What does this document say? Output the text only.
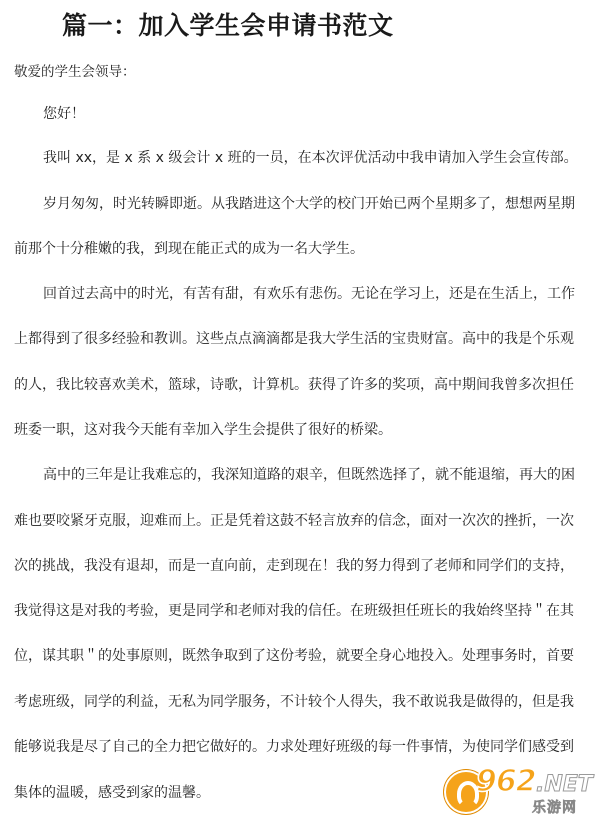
篇一：加入学生会申请书范文
敬爱的学生会领导：
您好！
我叫 xx，是 x 系 x 级会计 x 班的一员，在本次评优活动中我申请加入学生会宣传部。
岁月匆匆，时光转瞬即逝。从我踏进这个大学的校门开始已两个星期多了，想想两星期
前那个十分稚嫩的我，到现在能正式的成为一名大学生。
回首过去高中的时光，有苦有甜，有欢乐有悲伤。无论在学习上，还是在生活上，工作
上都得到了很多经验和教训。这些点点滴滴都是我大学生活的宝贵财富。高中的我是个乐观
的人，我比较喜欢美术，篮球，诗歌，计算机。获得了许多的奖项，高中期间我曾多次担任
班委一职，这对我今天能有幸加入学生会提供了很好的桥梁。
高中的三年是让我难忘的，我深知道路的艰辛，但既然选择了，就不能退缩，再大的困
难也要咬紧牙克服，迎难而上。正是凭着这鼓不轻言放弃的信念，面对一次次的挫折，一次
次的挑战，我没有退却，而是一直向前，走到现在！我的努力得到了老师和同学们的支持，
我觉得这是对我的考验，更是同学和老师对我的信任。在班级担任班长的我始终坚持＂在其
位，谋其职＂的处事原则，既然争取到了这份考验，就要全身心地投入。处理事务时，首要
考虑班级，同学的利益，无私为同学服务，不计较个人得失，我不敢说我是做得的，但是我
能够说我是尽了自己的全力把它做好的。力求处理好班级的每一件事情，为使同学们感受到
集体的温暖，感受到家的温馨。	962 .NET
乐游网
